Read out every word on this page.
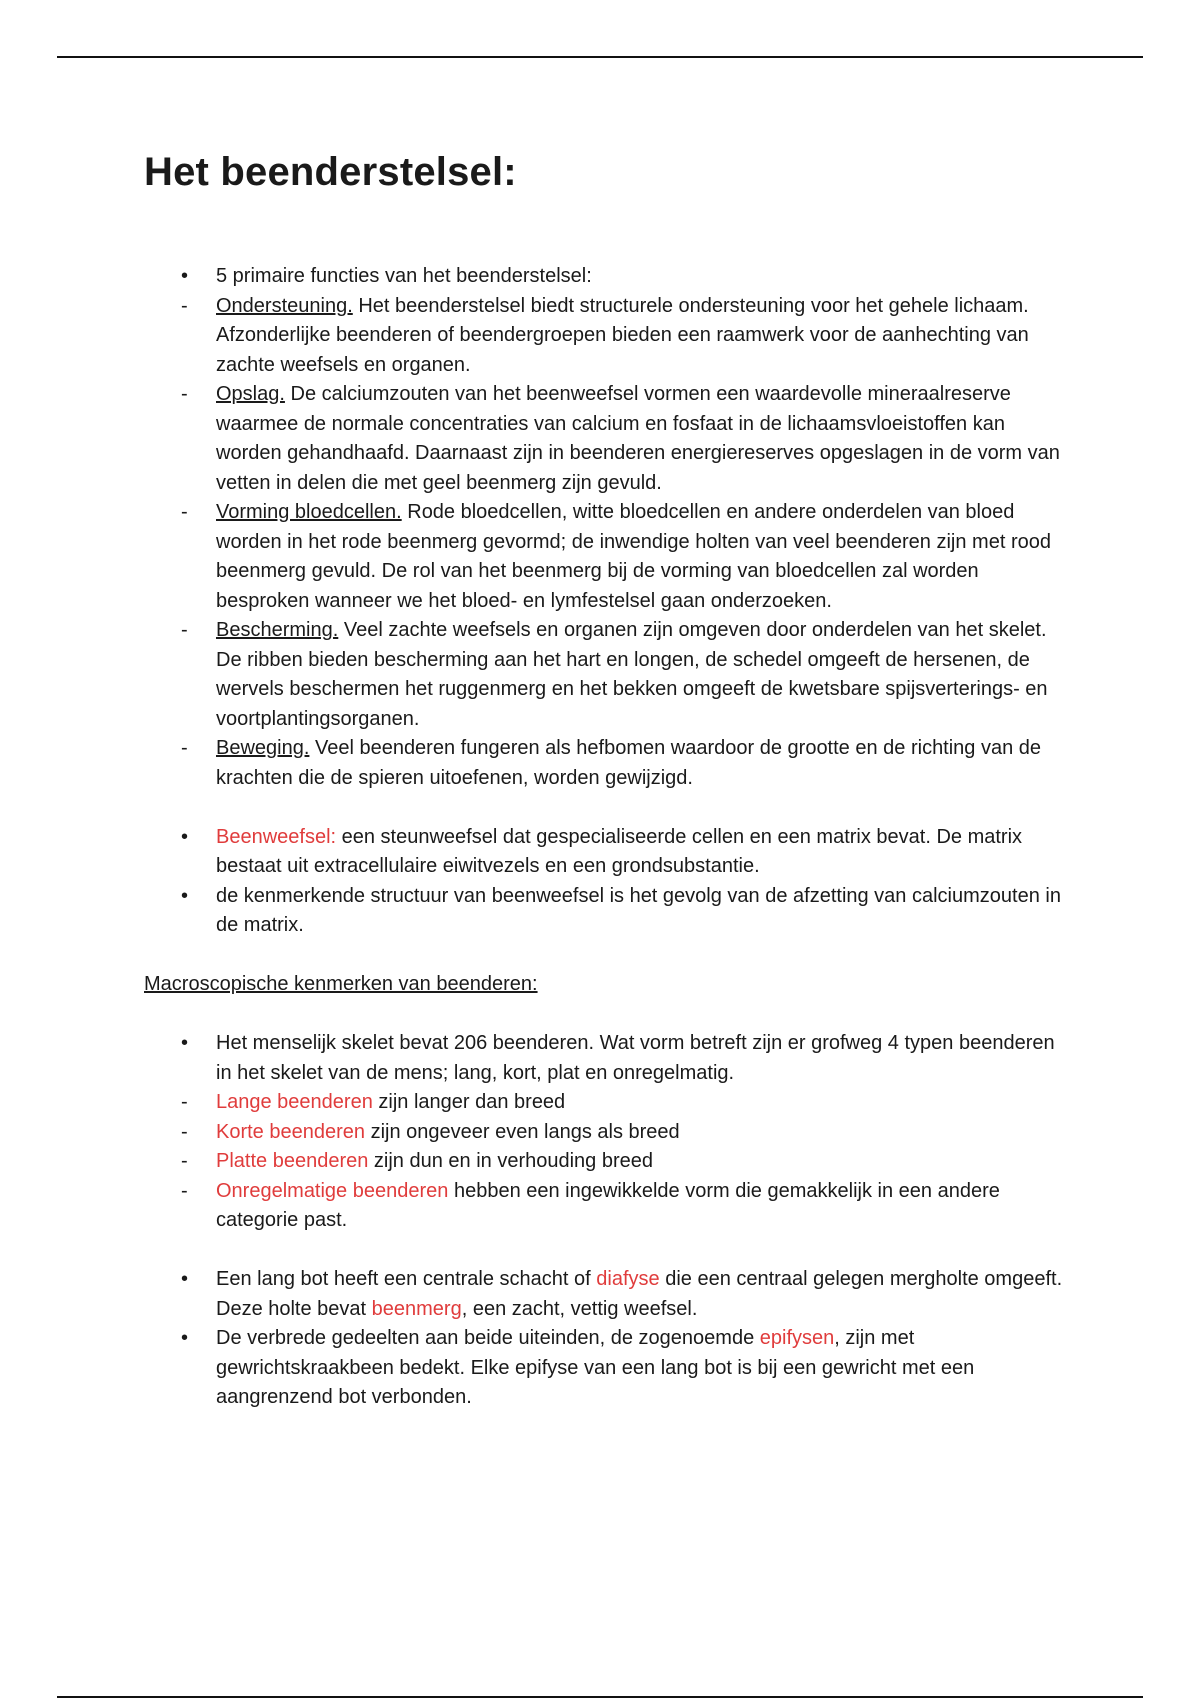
Het beenderstelsel:
•	5 primaire functies van het beenderstelsel:
-	Ondersteuning. Het beenderstelsel biedt structurele ondersteuning voor het gehele lichaam. Afzonderlijke beenderen of beendergroepen bieden een raamwerk voor de aanhechting van zachte weefsels en organen.
-	Opslag. De calciumzouten van het beenweefsel vormen een waardevolle mineraalreserve waarmee de normale concentraties van calcium en fosfaat in de lichaamsvloeistoffen kan worden gehandhaafd. Daarnaast zijn in beenderen energiereserves opgeslagen in de vorm van vetten in delen die met geel beenmerg zijn gevuld.
-	Vorming bloedcellen. Rode bloedcellen, witte bloedcellen en andere onderdelen van bloed worden in het rode beenmerg gevormd; de inwendige holten van veel beenderen zijn met rood beenmerg gevuld. De rol van het beenmerg bij de vorming van bloedcellen zal worden besproken wanneer we het bloed- en lymfestelsel gaan onderzoeken.
-	Bescherming. Veel zachte weefsels en organen zijn omgeven door onderdelen van het skelet. De ribben bieden bescherming aan het hart en longen, de schedel omgeeft de hersenen, de wervels beschermen het ruggenmerg en het bekken omgeeft de kwetsbare spijsverterings- en voortplantingsorganen.
-	Beweging. Veel beenderen fungeren als hefbomen waardoor de grootte en de richting van de krachten die de spieren uitoefenen, worden gewijzigd.
•	Beenweefsel: een steunweefsel dat gespecialiseerde cellen en een matrix bevat. De matrix bestaat uit extracellulaire eiwitvezels en een grondsubstantie.
•	de kenmerkende structuur van beenweefsel is het gevolg van de afzetting van calciumzouten in de matrix.
Macroscopische kenmerken van beenderen:
•	Het menselijk skelet bevat 206 beenderen. Wat vorm betreft zijn er grofweg 4 typen beenderen in het skelet van de mens; lang, kort, plat en onregelmatig.
-	Lange beenderen zijn langer dan breed
-	Korte beenderen zijn ongeveer even langs als breed
-	Platte beenderen zijn dun en in verhouding breed
-	Onregelmatige beenderen hebben een ingewikkelde vorm die gemakkelijk in een andere categorie past.
•	Een lang bot heeft een centrale schacht of diafyse die een centraal gelegen mergholte omgeeft. Deze holte bevat beenmerg, een zacht, vettig weefsel.
•	De verbrede gedeelten aan beide uiteinden, de zogenoemde epifysen, zijn met gewrichtskraakbeen bedekt. Elke epifyse van een lang bot is bij een gewricht met een aangrenzend bot verbonden.
